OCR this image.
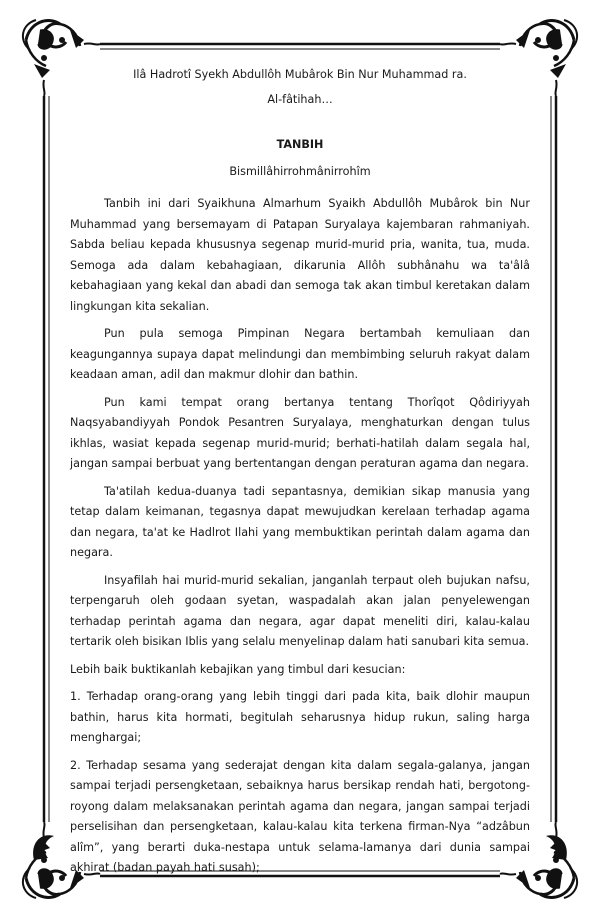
Ilâ Hadrotî Syekh Abdullôh Mubârok Bin Nur Muhammad ra.
Al-fâtihah…
TANBIH
Bismillâhirrohmânirrohîm

Tanbih ini dari Syaikhuna Almarhum Syaikh Abdullôh Mubârok bin Nur Muhammad yang bersemayam di Patapan Suryalaya kajembaran rahmaniyah. Sabda beliau kepada khususnya segenap murid-murid pria, wanita, tua, muda. Semoga ada dalam kebahagiaan, dikarunia Allôh subhânahu wa ta'âlâ kebahagiaan yang kekal dan abadi dan semoga tak akan timbul keretakan dalam lingkungan kita sekalian.

Pun pula semoga Pimpinan Negara bertambah kemuliaan dan keagungannya supaya dapat melindungi dan membimbing seluruh rakyat dalam keadaan aman, adil dan makmur dlohir dan bathin.

Pun kami tempat orang bertanya tentang Thorîqot Qôdiriyyah Naqsyabandiyyah Pondok Pesantren Suryalaya, menghaturkan dengan tulus ikhlas, wasiat kepada segenap murid-murid; berhati-hatilah dalam segala hal, jangan sampai berbuat yang bertentangan dengan peraturan agama dan negara.

Ta'atilah kedua-duanya tadi sepantasnya, demikian sikap manusia yang tetap dalam keimanan, tegasnya dapat mewujudkan kerelaan terhadap agama dan negara, ta'at ke Hadlrot Ilahi yang membuktikan perintah dalam agama dan negara.

Insyafilah hai murid-murid sekalian, janganlah terpaut oleh bujukan nafsu, terpengaruh oleh godaan syetan, waspadalah akan jalan penyelewengan terhadap perintah agama dan negara, agar dapat meneliti diri, kalau-kalau tertarik oleh bisikan Iblis yang selalu menyelinap dalam hati sanubari kita semua.

Lebih baik buktikanlah kebajikan yang timbul dari kesucian:

1. Terhadap orang-orang yang lebih tinggi dari pada kita, baik dlohir maupun bathin, harus kita hormati, begitulah seharusnya hidup rukun, saling harga menghargai;

2. Terhadap sesama yang sederajat dengan kita dalam segala-galanya, jangan sampai terjadi persengketaan, sebaiknya harus bersikap rendah hati, bergotong-royong dalam melaksanakan perintah agama dan negara, jangan sampai terjadi perselisihan dan persengketaan, kalau-kalau kita terkena firman-Nya “adzâbun alîm”, yang berarti duka-nestapa untuk selama-lamanya dari dunia sampai akhirat (badan payah hati susah);
